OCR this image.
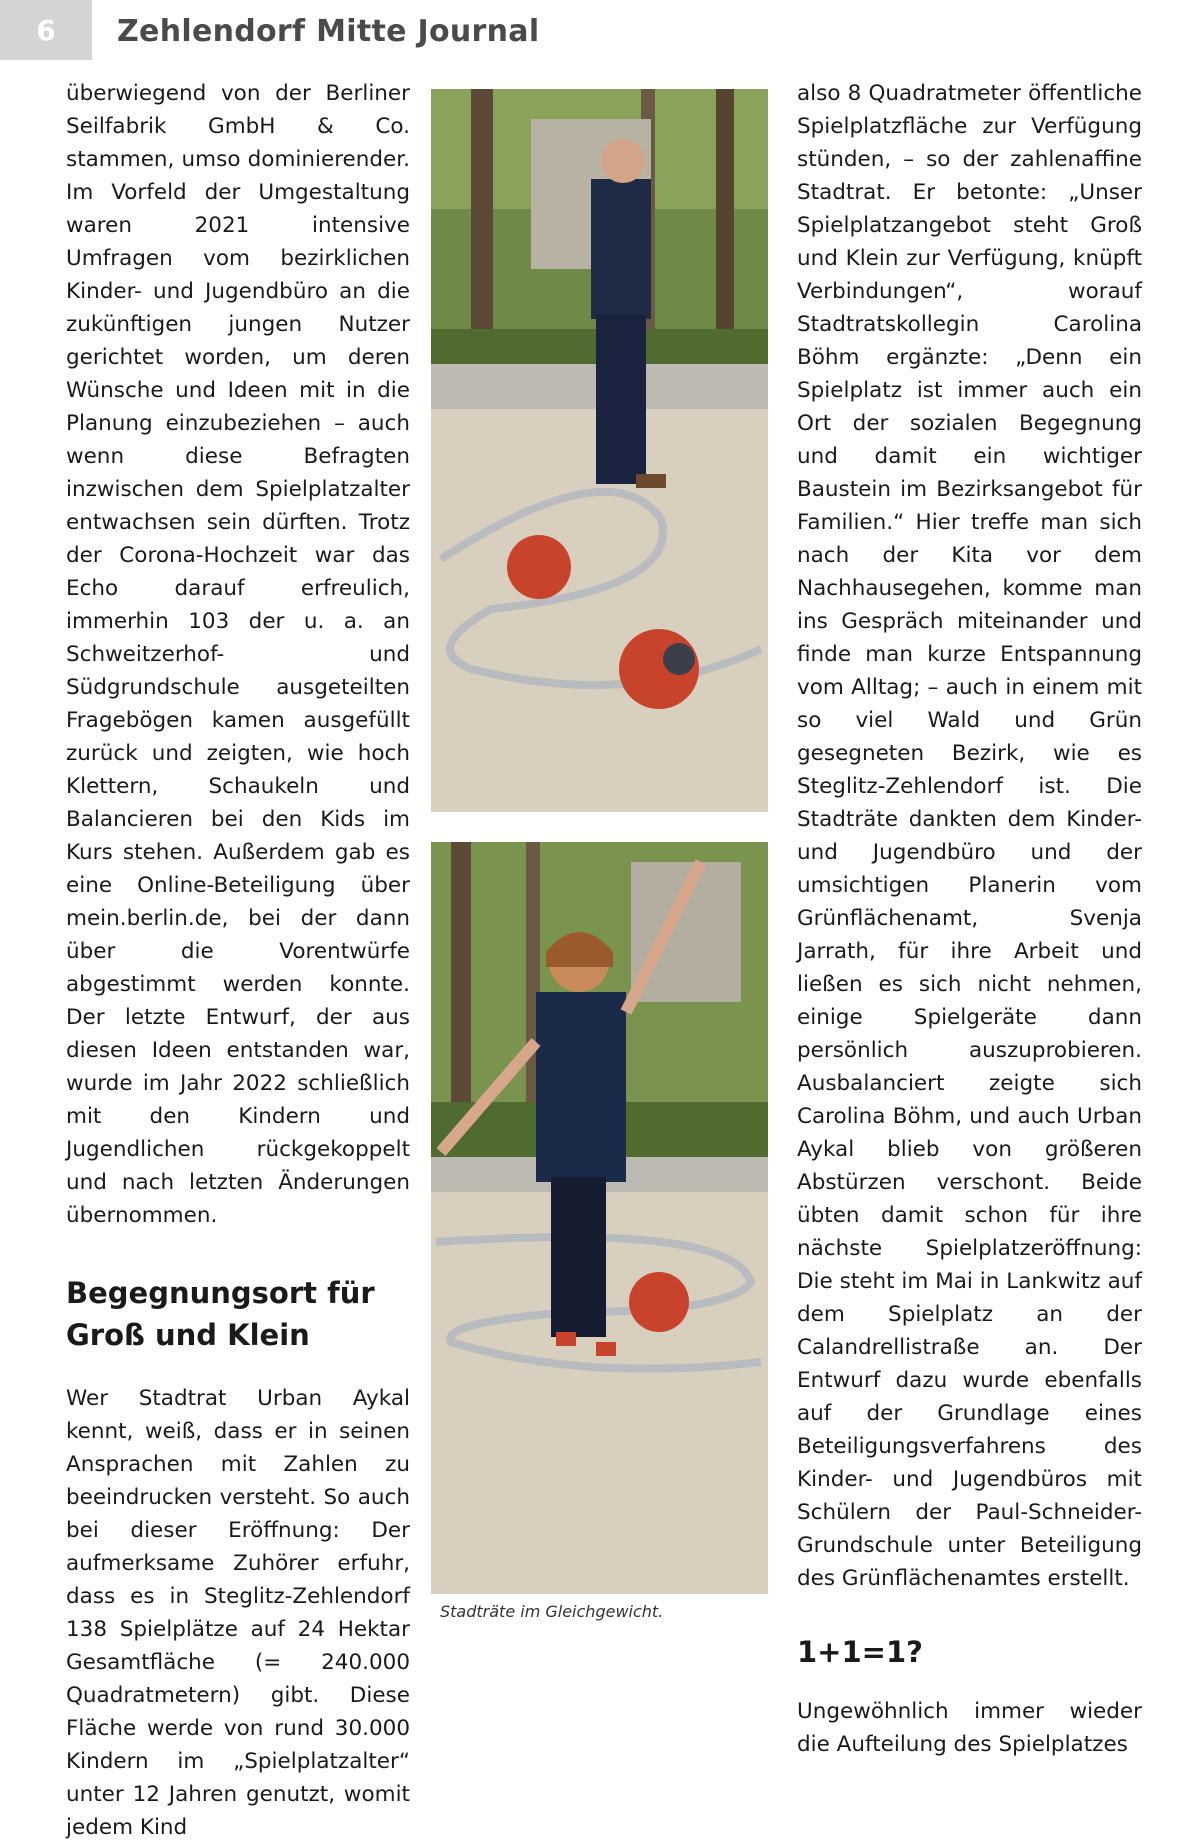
6	Zehlendorf Mitte Journal

überwiegend von der Berliner Seilfabrik GmbH & Co. stammen, umso dominierender. Im Vorfeld der Umgestaltung waren 2021 intensive Umfragen vom bezirklichen Kinder- und Jugendbüro an die zukünftigen jungen Nutzer gerichtet worden, um deren Wünsche und Ideen mit in die Planung einzubeziehen – auch wenn diese Befragten inzwischen dem Spielplatzalter entwachsen sein dürften. Trotz der Corona-Hochzeit war das Echo darauf erfreulich, immerhin 103 der u. a. an Schweitzerhof- und Südgrundschule ausgeteilten Fragebögen kamen ausgefüllt zurück und zeigten, wie hoch Klettern, Schaukeln und Balancieren bei den Kids im Kurs stehen. Außerdem gab es eine Online-Beteiligung über mein.berlin.de, bei der dann über die Vorentwürfe abgestimmt werden konnte. Der letzte Entwurf, der aus diesen Ideen entstanden war, wurde im Jahr 2022 schließlich mit den Kindern und Jugendlichen rückgekoppelt und nach letzten Änderungen übernommen.

Begegnungsort für Groß und Klein

Wer Stadtrat Urban Aykal kennt, weiß, dass er in seinen Ansprachen mit Zahlen zu beeindrucken versteht. So auch bei dieser Eröffnung: Der aufmerksame Zuhörer erfuhr, dass es in Steglitz-Zehlendorf 138 Spielplätze auf 24 Hektar Gesamtfläche (= 240.000 Quadratmetern) gibt. Diese Fläche werde von rund 30.000 Kindern im „Spielplatzalter“ unter 12 Jahren genutzt, womit jedem Kind

Stadträte im Gleichgewicht.

also 8 Quadratmeter öffentliche Spielplatzfläche zur Verfügung stünden, – so der zahlenaffine Stadtrat. Er betonte: „Unser Spielplatzangebot steht Groß und Klein zur Verfügung, knüpft Verbindungen“, worauf Stadtratskollegin Carolina Böhm ergänzte: „Denn ein Spielplatz ist immer auch ein Ort der sozialen Begegnung und damit ein wichtiger Baustein im Bezirksangebot für Familien.“ Hier treffe man sich nach der Kita vor dem Nachhausegehen, komme man ins Gespräch miteinander und finde man kurze Entspannung vom Alltag; – auch in einem mit so viel Wald und Grün gesegneten Bezirk, wie es Steglitz-Zehlendorf ist. Die Stadträte dankten dem Kinder- und Jugendbüro und der umsichtigen Planerin vom Grünflächenamt, Svenja Jarrath, für ihre Arbeit und ließen es sich nicht nehmen, einige Spielgeräte dann persönlich auszuprobieren. Ausbalanciert zeigte sich Carolina Böhm, und auch Urban Aykal blieb von größeren Abstürzen verschont. Beide übten damit schon für ihre nächste Spielplatzeröffnung: Die steht im Mai in Lankwitz auf dem Spielplatz an der Calandrellistraße an. Der Entwurf dazu wurde ebenfalls auf der Grundlage eines Beteiligungsverfahrens des Kinder- und Jugendbüros mit Schülern der Paul-Schneider-Grundschule unter Beteiligung des Grünflächenamtes erstellt.

1+1=1?

Ungewöhnlich immer wieder die Aufteilung des Spielplatzes
